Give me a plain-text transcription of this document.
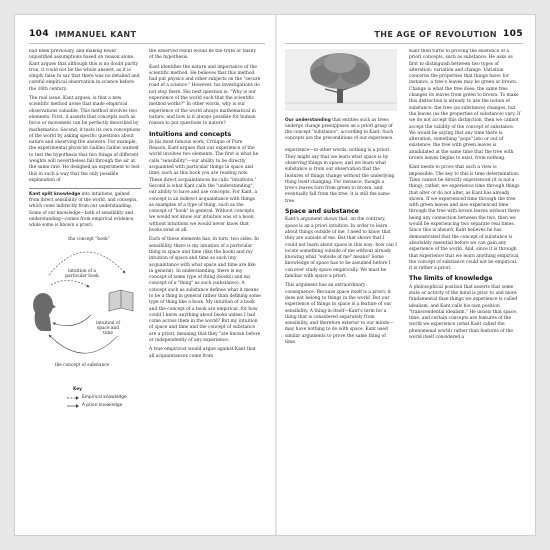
104 IMMANUEL KANT

had been previously, and making fewer unjustified assumptions based on reason alone. Kant argues that although this is no doubt partly true, it could not be the whole answer, as it is simply false to say that there was no detailed and careful empirical observation in science before the 16th century.

The real issue, Kant argues, is that a new scientific method arose that made empirical observations valuable. This method involves two elements. First, it asserts that concepts such as force or movement can be perfectly described by mathematics. Second, it tests its own conceptions of the world by asking specific questions about nature and observing the answers. For example, the experimental physicist Galileo Galilei wanted to test the hypothesis that two things of different weights will nevertheless fall through the air at the same rate. He designed an experiment to test this in such a way that the only possible explanation of

Kant split knowledge into intuitions, gained from direct sensibility of the world, and concepts, which come indirectly from our understanding. Some of our knowledge—both of sensibility and understanding—comes from empirical evidence, while some is known a priori.
the concept "book"
intuition of a particular book
intuition of space and time
the concept of substance
Key
Empirical knowledge
A priori knowledge

the observed result would be the truth or falsity of the hypothesis.

Kant identifies the nature and importance of the scientific method. He believes that this method had put physics and other subjects on the "secure road of a science." However, his investigations do not stop there. His next question is: "Why is our experience of the world such that the scientific method works?" In other words, why is our experience of the world always mathematical in nature, and how is it always possible for human reason to put questions to nature?

Intuitions and concepts

In his most famous work, Critique of Pure Reason, Kant argues that our experience of the world involves two elements. The first is what he calls "sensibility"—our ability to be directly acquainted with particular things in space and time, such as this book you are reading now. These direct acquaintances he calls "intuitions." Second is what Kant calls the "understanding", our ability to have and use concepts. For Kant, a concept is an indirect acquaintance with things as examples of a type of thing, such as the concept of "book" in general. Without concepts we would not know our intuition was of a book; without intuitions we would never know that books exist at all.

Each of these elements has, in turn, two sides. In sensibility, there is my intuition of a particular thing in space and time (like the book) and my intuition of space and time as such (my acquaintance with what space and time are like in general). In understanding, there is my concept of some type of thing (books) and my concept of a "thing" as such (substance). A concept such as substance defines what it means to be a thing in general rather than defining some type of thing like a book. My intuition of a book and the concept of a book are empirical, for how could I know anything about books unless I had come across them in the world? But my intuition of space and time and the concept of substance are a priori, meaning that they "are known before or independently of any experience.

A true empiricist would argue against Kant that all acquaintances come from

THE AGE OF REVOLUTION 105
Our understanding that entities such as trees undergo change presupposes an a priori grasp of the concept "substance", according to Kant. Such concepts are the preconditions of our experience.

experience—in other words, nothing is a priori. They might say that we learn what space is by observing things in space; and we learn what substance is from our observation that the features of things change without the underlying thing itself changing. For instance, though a tree's leaves turn from green to brown, and eventually fall from the tree, it is still the same tree.

Space and substance

Kant's argument shows that, on the contrary, space is an a priori intuition. In order to learn about things outside of me, I need to know that they are outside of me. But that shows that I could not learn about space in this way: how can I locate something outside of me without already knowing what "outside of me" means? Some knowledge of space has to be assumed before I can ever study space empirically. We must be familiar with space a priori.

This argument has an extraordinary consequence. Because space itself is a priori, it does not belong to things in the world. But our experience of things in space is a feature of our sensibility. A thing-in-itself—Kant's term for a thing that is considered separately from sensibility, and therefore exterior to our minds—may have nothing to do with space. Kant used similar arguments to prove the same thing of time.

Kant then turns to proving the existence of a priori concepts, such as substance. He asks us first to distinguish between two types of alteration: variation and change. Variation concerns the properties that things have: for instance, a tree's leaves may be green or brown. Change is what the tree does: the same tree changes its leaves from green to brown. To make this distinction is already to use the notion of substance: the tree (as substance) changes, but the leaves (as the properties of substance) vary. If we do not accept this distinction, then we cannot accept the validity of the concept of substance. We would be saying that any time there is alteration, something "pops" into or out of existence: the tree with green leaves is annihilated at the same time that the tree with brown leaves begins to exist, from nothing.

Kant needs to prove that such a view is impossible. The key to this is time determination. Time cannot be directly experienced (it is not a thing); rather, we experience time through things that alter or do not alter, as Kant has already shown. If we experienced time through the tree with green leaves and also experienced time through the tree with brown leaves without there being any connection between the two, then we would be experiencing two separate real times. Since this is absurd, Kant believes he has demonstrated that the concept of substance is absolutely essential before we can gain any experience of the world. And, since it is through that experience that we learn anything empirical, the concept of substance could not be empirical: it is rather a priori.

The limits of knowledge

A philosophical position that asserts that some state or activity of the mind is prior to and more fundamental than things we experience is called idealism, and Kant calls his own position "transcendental idealism." He insists that space, time, and certain concepts are features of the world we experience (what Kant called the phenomenal world) rather than features of the world itself considered a
